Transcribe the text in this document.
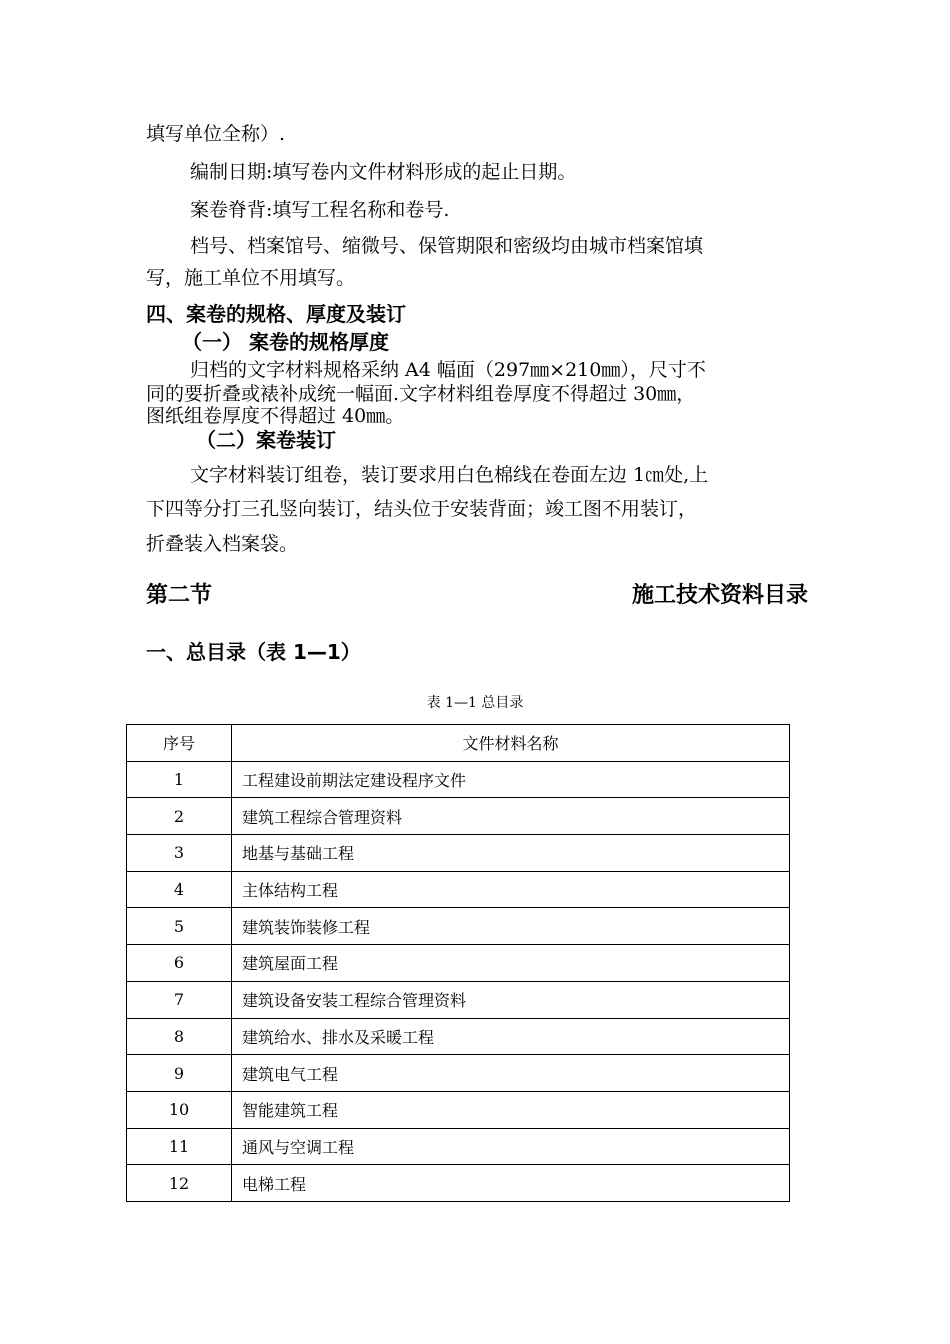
填写单位全称）.
编制日期:填写卷内文件材料形成的起止日期。
案卷脊背:填写工程名称和卷号.
档号、档案馆号、缩微号、保管期限和密级均由城市档案馆填
写，施工单位不用填写。
四、案卷的规格、厚度及装订
（一） 案卷的规格厚度
归档的文字材料规格采纳 A4 幅面（297㎜×210㎜），尺寸不
同的要折叠或裱补成统一幅面.文字材料组卷厚度不得超过 30㎜，
图纸组卷厚度不得超过 40㎜。
（二）案卷装订
文字材料装订组卷，装订要求用白色棉线在卷面左边 1㎝处,上
下四等分打三孔竖向装订，结头位于安装背面；竣工图不用装订，
折叠装入档案袋。
第二节	施工技术资料目录
一、总目录（表 1—1）
表 1—1 总目录
序号	文件材料名称
1	工程建设前期法定建设程序文件
2	建筑工程综合管理资料
3	地基与基础工程
4	主体结构工程
5	建筑装饰装修工程
6	建筑屋面工程
7	建筑设备安装工程综合管理资料
8	建筑给水、排水及采暖工程
9	建筑电气工程
10	智能建筑工程
11	通风与空调工程
12	电梯工程
